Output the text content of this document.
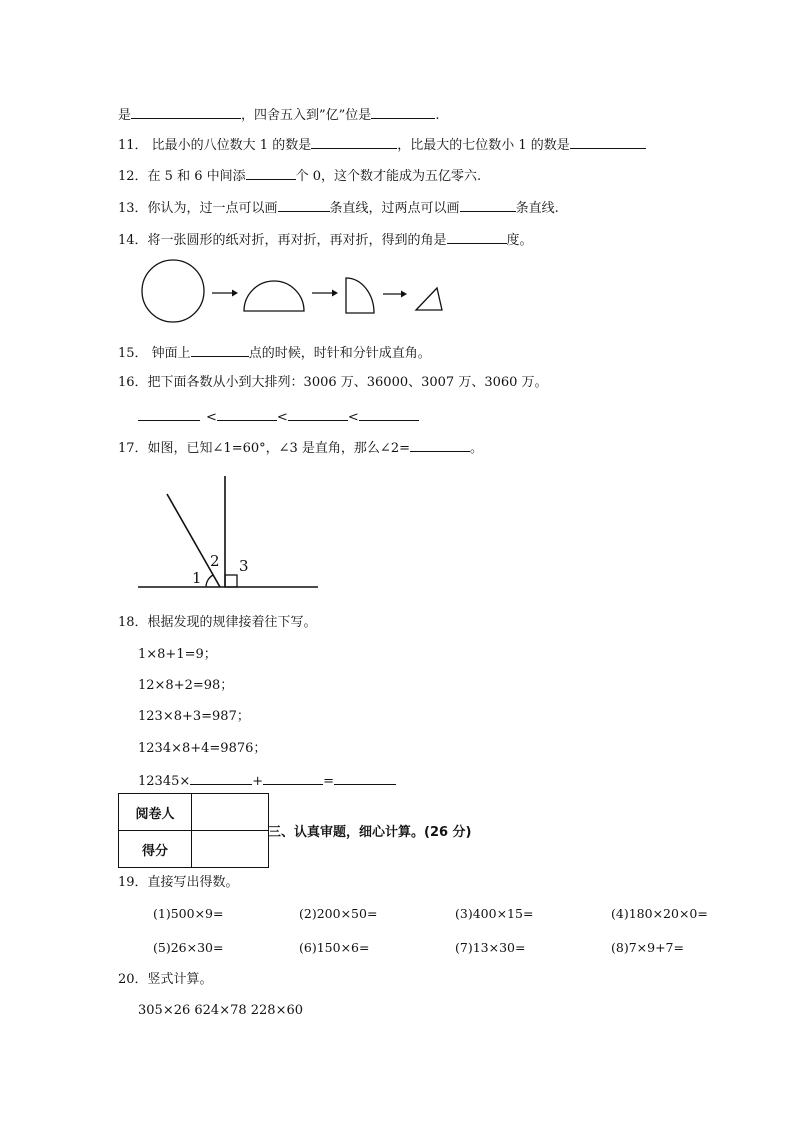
是	，四舍五入到”亿”位是	.
11． 比最小的八位数大 1 的数是	，比最大的七位数小 1 的数是
12．在 5 和 6 中间添	个 0，这个数才能成为五亿零六.
13．你认为，过一点可以画	条直线，过两点可以画	条直线.
14．将一张圆形的纸对折，再对折，再对折，得到的角是	度。
15． 钟面上	点的时候，时针和分针成直角。
16．把下面各数从小到大排列：3006 万、36000、3007 万、3060 万。
<	<	<
17．如图，已知∠1=60°，∠3 是直角，那么∠2=	。
1
2 3
18．根据发现的规律接着往下写。
1×8+1=9；
12×8+2=98；
123×8+3=987；
1234×8+4=9876；
12345×	+	=
阅卷人	
得分	
三、认真审题，细心计算。(26 分)
19．直接写出得数。
(1)500×9=	(2)200×50=	(3)400×15=	(4)180×20×0=
(5)26×30=	(6)150×6=	(7)13×30=	(8)7×9+7=
20．竖式计算。
305×26 624×78 228×60
